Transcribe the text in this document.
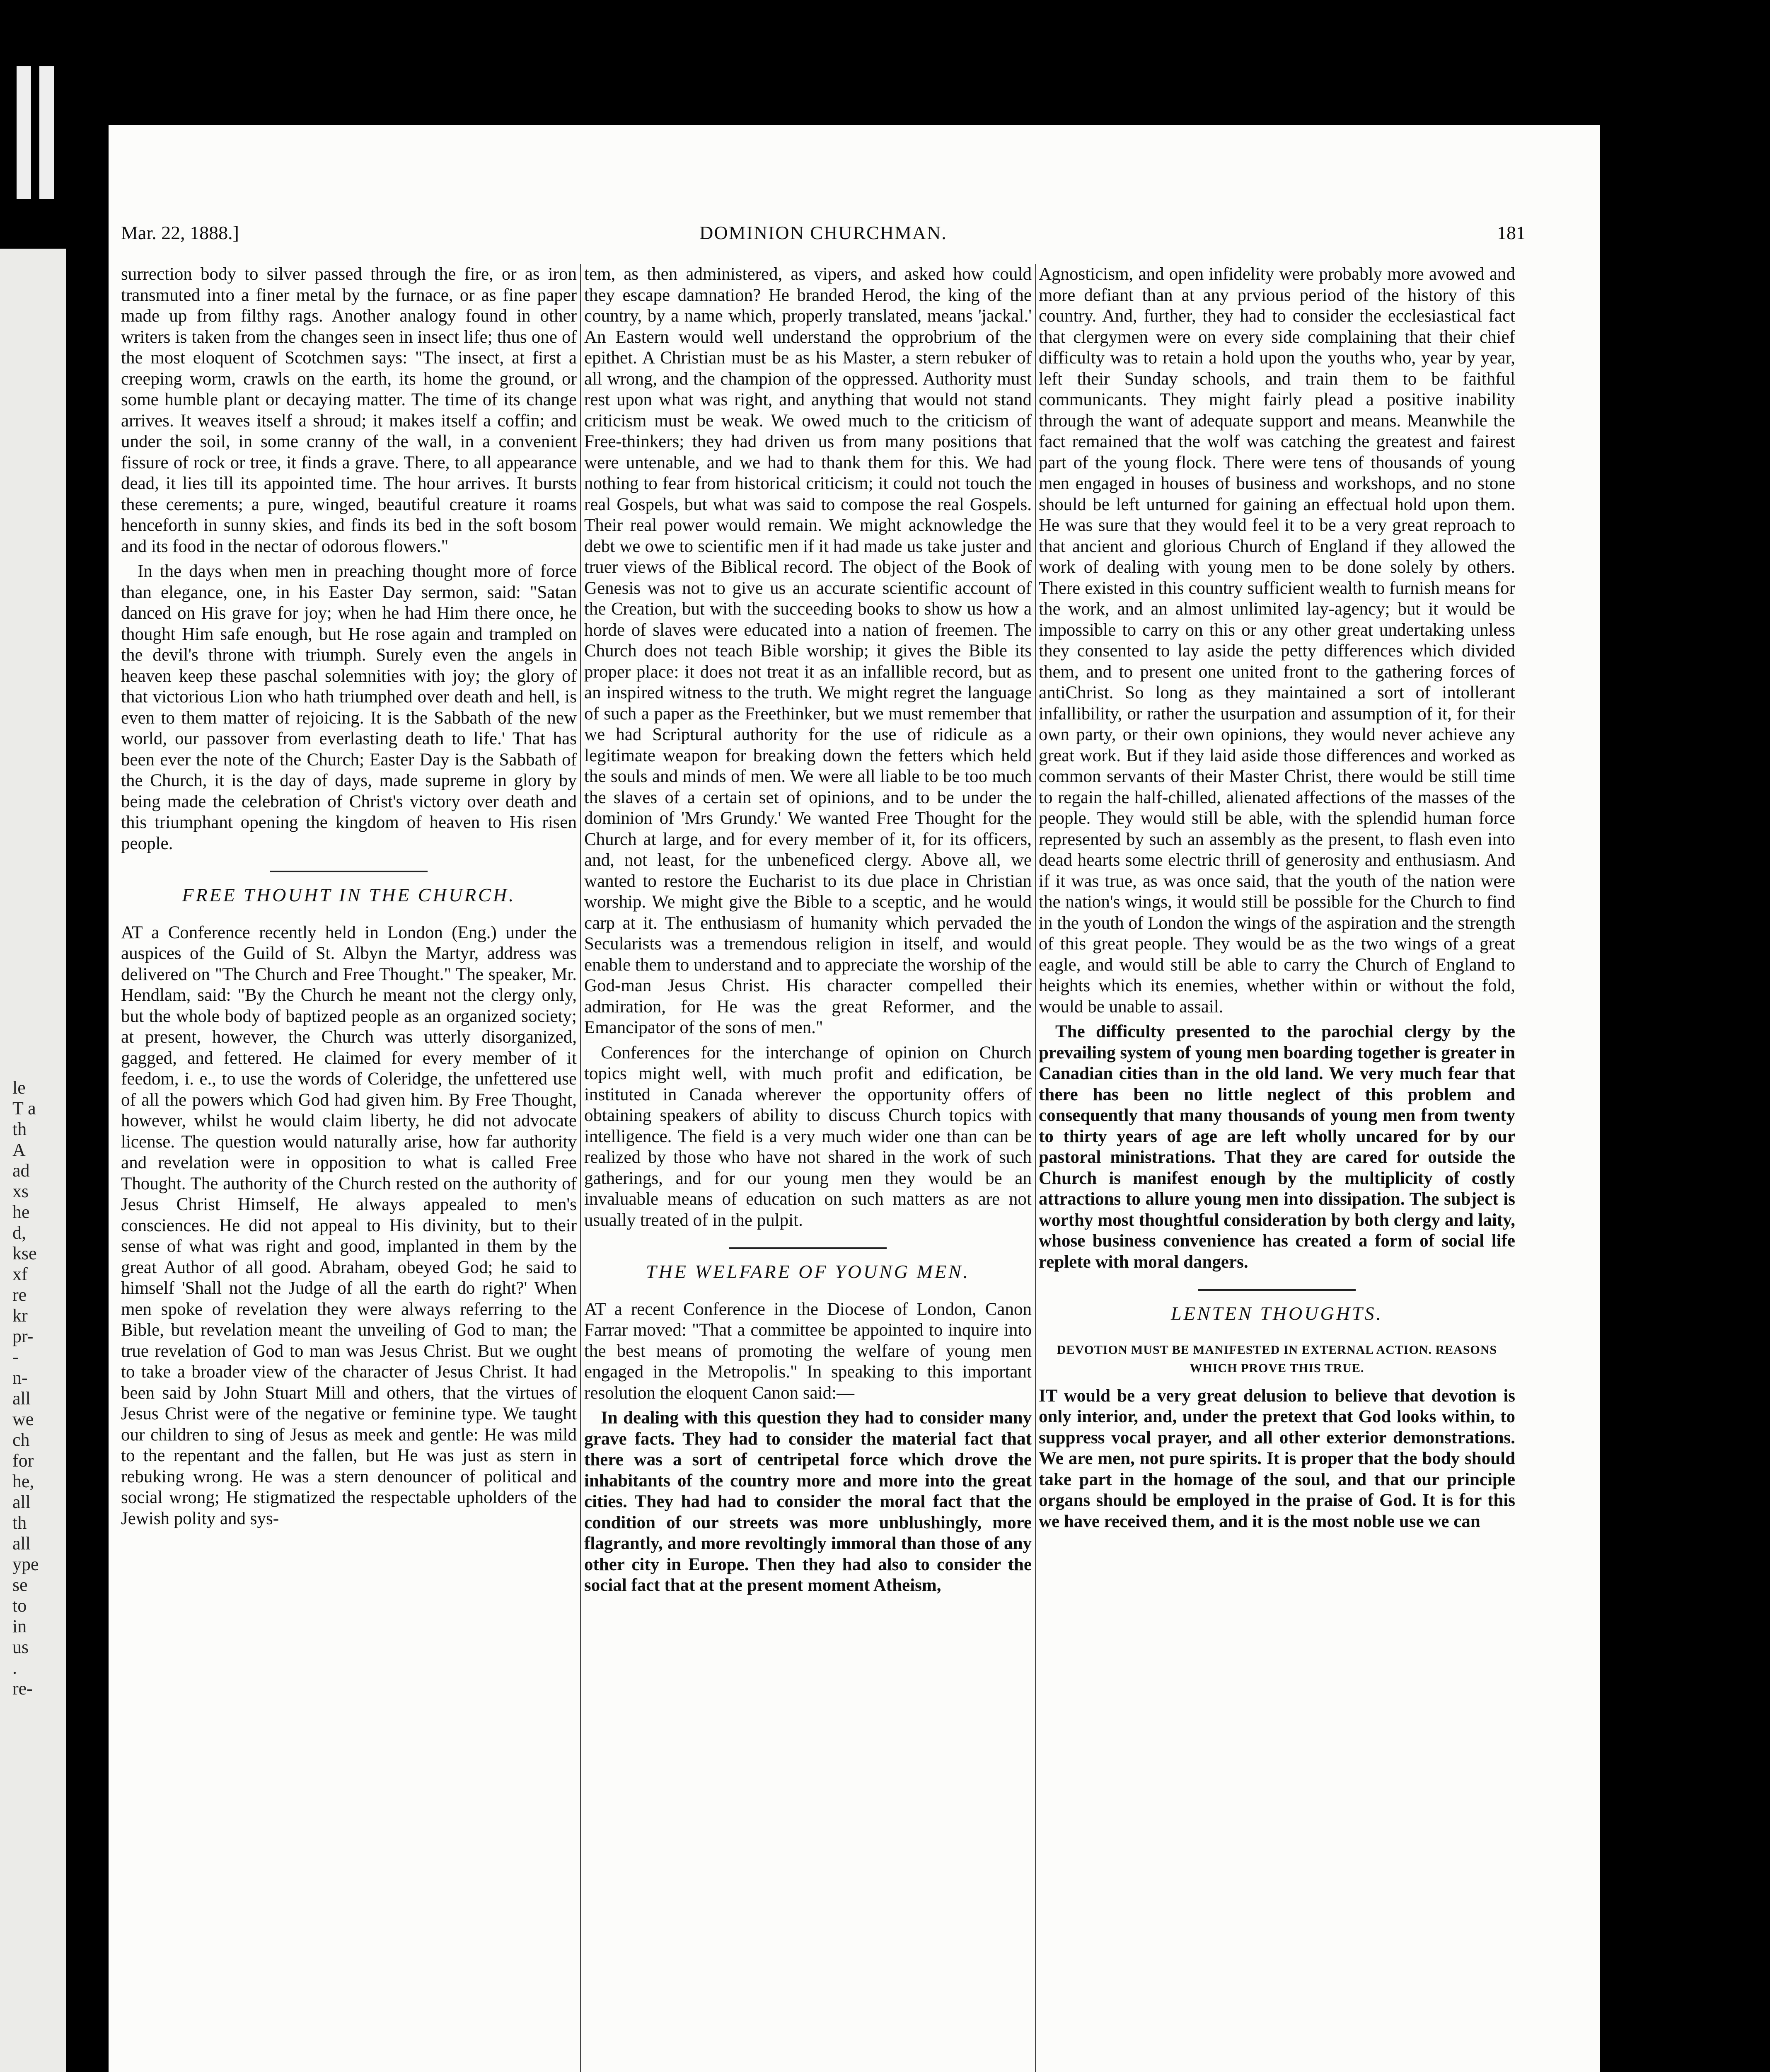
le
T a
th
A
ad
xs
he
d,
kse
xf
re
kr
pr-
-
n-
all
we
ch
for
he,
all
th
all
ype
se
to
in
us
.
re-
Mar. 22, 1888.]	DOMINION CHURCHMAN.	181

surrection body to silver passed through the fire, or as iron transmuted into a finer metal by the furnace, or as fine paper made up from filthy rags. Another analogy found in other writers is taken from the changes seen in insect life; thus one of the most eloquent of Scotchmen says: "The insect, at first a creeping worm, crawls on the earth, its home the ground, or some humble plant or decaying matter. The time of its change arrives. It weaves itself a shroud; it makes itself a coffin; and under the soil, in some cranny of the wall, in a convenient fissure of rock or tree, it finds a grave. There, to all appearance dead, it lies till its appointed time. The hour arrives. It bursts these cerements; a pure, winged, beautiful creature it roams henceforth in sunny skies, and finds its bed in the soft bosom and its food in the nectar of odorous flowers."

In the days when men in preaching thought more of force than elegance, one, in his Easter Day sermon, said: "Satan danced on His grave for joy; when he had Him there once, he thought Him safe enough, but He rose again and trampled on the devil's throne with triumph. Surely even the angels in heaven keep these paschal solemnities with joy; the glory of that victorious Lion who hath triumphed over death and hell, is even to them matter of rejoicing. It is the Sabbath of the new world, our passover from everlasting death to life.' That has been ever the note of the Church; Easter Day is the Sabbath of the Church, it is the day of days, made supreme in glory by being made the celebration of Christ's victory over death and this triumphant opening the kingdom of heaven to His risen people.

FREE THOUHT IN THE CHURCH.

AT a Conference recently held in London (Eng.) under the auspices of the Guild of St. Albyn the Martyr, address was delivered on "The Church and Free Thought." The speaker, Mr. Hendlam, said: "By the Church he meant not the clergy only, but the whole body of baptized people as an organized society; at present, however, the Church was utterly disorganized, gagged, and fettered. He claimed for every member of it feedom, i. e., to use the words of Coleridge, the unfettered use of all the powers which God had given him. By Free Thought, however, whilst he would claim liberty, he did not advocate license. The question would naturally arise, how far authority and revelation were in opposition to what is called Free Thought. The authority of the Church rested on the authority of Jesus Christ Himself, He always appealed to men's consciences. He did not appeal to His divinity, but to their sense of what was right and good, implanted in them by the great Author of all good. Abraham, obeyed God; he said to himself 'Shall not the Judge of all the earth do right?' When men spoke of revelation they were always referring to the Bible, but revelation meant the unveiling of God to man; the true revelation of God to man was Jesus Christ. But we ought to take a broader view of the character of Jesus Christ. It had been said by John Stuart Mill and others, that the virtues of Jesus Christ were of the negative or feminine type. We taught our children to sing of Jesus as meek and gentle: He was mild to the repentant and the fallen, but He was just as stern in rebuking wrong. He was a stern denouncer of political and social wrong; He stigmatized the respectable upholders of the Jewish polity and sys-

tem, as then administered, as vipers, and asked how could they escape damnation? He branded Herod, the king of the country, by a name which, properly translated, means 'jackal.' An Eastern would well understand the opprobrium of the epithet. A Christian must be as his Master, a stern rebuker of all wrong, and the champion of the oppressed. Authority must rest upon what was right, and anything that would not stand criticism must be weak. We owed much to the criticism of Free-thinkers; they had driven us from many positions that were untenable, and we had to thank them for this. We had nothing to fear from historical criticism; it could not touch the real Gospels, but what was said to compose the real Gospels. Their real power would remain. We might acknowledge the debt we owe to scientific men if it had made us take juster and truer views of the Biblical record. The object of the Book of Genesis was not to give us an accurate scientific account of the Creation, but with the succeeding books to show us how a horde of slaves were educated into a nation of freemen. The Church does not teach Bible worship; it gives the Bible its proper place: it does not treat it as an infallible record, but as an inspired witness to the truth. We might regret the language of such a paper as the Freethinker, but we must remember that we had Scriptural authority for the use of ridicule as a legitimate weapon for breaking down the fetters which held the souls and minds of men. We were all liable to be too much the slaves of a certain set of opinions, and to be under the dominion of 'Mrs Grundy.' We wanted Free Thought for the Church at large, and for every member of it, for its officers, and, not least, for the unbeneficed clergy. Above all, we wanted to restore the Eucharist to its due place in Christian worship. We might give the Bible to a sceptic, and he would carp at it. The enthusiasm of humanity which pervaded the Secularists was a tremendous religion in itself, and would enable them to understand and to appreciate the worship of the God-man Jesus Christ. His character compelled their admiration, for He was the great Reformer, and the Emancipator of the sons of men."

Conferences for the interchange of opinion on Church topics might well, with much profit and edification, be instituted in Canada wherever the opportunity offers of obtaining speakers of ability to discuss Church topics with intelligence. The field is a very much wider one than can be realized by those who have not shared in the work of such gatherings, and for our young men they would be an invaluable means of education on such matters as are not usually treated of in the pulpit.

THE WELFARE OF YOUNG MEN.

AT a recent Conference in the Diocese of London, Canon Farrar moved: "That a committee be appointed to inquire into the best means of promoting the welfare of young men engaged in the Metropolis." In speaking to this important resolution the eloquent Canon said:—

In dealing with this question they had to consider many grave facts. They had to consider the material fact that there was a sort of centripetal force which drove the inhabitants of the country more and more into the great cities. They had had to consider the moral fact that the condition of our streets was more unblushingly, more flagrantly, and more revoltingly immoral than those of any other city in Europe. Then they had also to consider the social fact that at the present moment Atheism,

Agnosticism, and open infidelity were probably more avowed and more defiant than at any prvious period of the history of this country. And, further, they had to consider the ecclesiastical fact that clergymen were on every side complaining that their chief difficulty was to retain a hold upon the youths who, year by year, left their Sunday schools, and train them to be faithful communicants. They might fairly plead a positive inability through the want of adequate support and means. Meanwhile the fact remained that the wolf was catching the greatest and fairest part of the young flock. There were tens of thousands of young men engaged in houses of business and workshops, and no stone should be left unturned for gaining an effectual hold upon them. He was sure that they would feel it to be a very great reproach to that ancient and glorious Church of England if they allowed the work of dealing with young men to be done solely by others. There existed in this country sufficient wealth to furnish means for the work, and an almost unlimited lay-agency; but it would be impossible to carry on this or any other great undertaking unless they consented to lay aside the petty differences which divided them, and to present one united front to the gathering forces of antiChrist. So long as they maintained a sort of intollerant infallibility, or rather the usurpation and assumption of it, for their own party, or their own opinions, they would never achieve any great work. But if they laid aside those differences and worked as common servants of their Master Christ, there would be still time to regain the half-chilled, alienated affections of the masses of the people. They would still be able, with the splendid human force represented by such an assembly as the present, to flash even into dead hearts some electric thrill of generosity and enthusiasm. And if it was true, as was once said, that the youth of the nation were the nation's wings, it would still be possible for the Church to find in the youth of London the wings of the aspiration and the strength of this great people. They would be as the two wings of a great eagle, and would still be able to carry the Church of England to heights which its enemies, whether within or without the fold, would be unable to assail.

The difficulty presented to the parochial clergy by the prevailing system of young men boarding together is greater in Canadian cities than in the old land. We very much fear that there has been no little neglect of this problem and consequently that many thousands of young men from twenty to thirty years of age are left wholly uncared for by our pastoral ministrations. That they are cared for outside the Church is manifest enough by the multiplicity of costly attractions to allure young men into dissipation. The subject is worthy most thoughtful consideration by both clergy and laity, whose business convenience has created a form of social life replete with moral dangers.

LENTEN THOUGHTS.
DEVOTION MUST BE MANIFESTED IN EXTERNAL ACTION. REASONS WHICH PROVE THIS TRUE.

IT would be a very great delusion to believe that devotion is only interior, and, under the pretext that God looks within, to suppress vocal prayer, and all other exterior demonstrations. We are men, not pure spirits. It is proper that the body should take part in the homage of the soul, and that our principle organs should be employed in the praise of God. It is for this we have received them, and it is the most noble use we can
